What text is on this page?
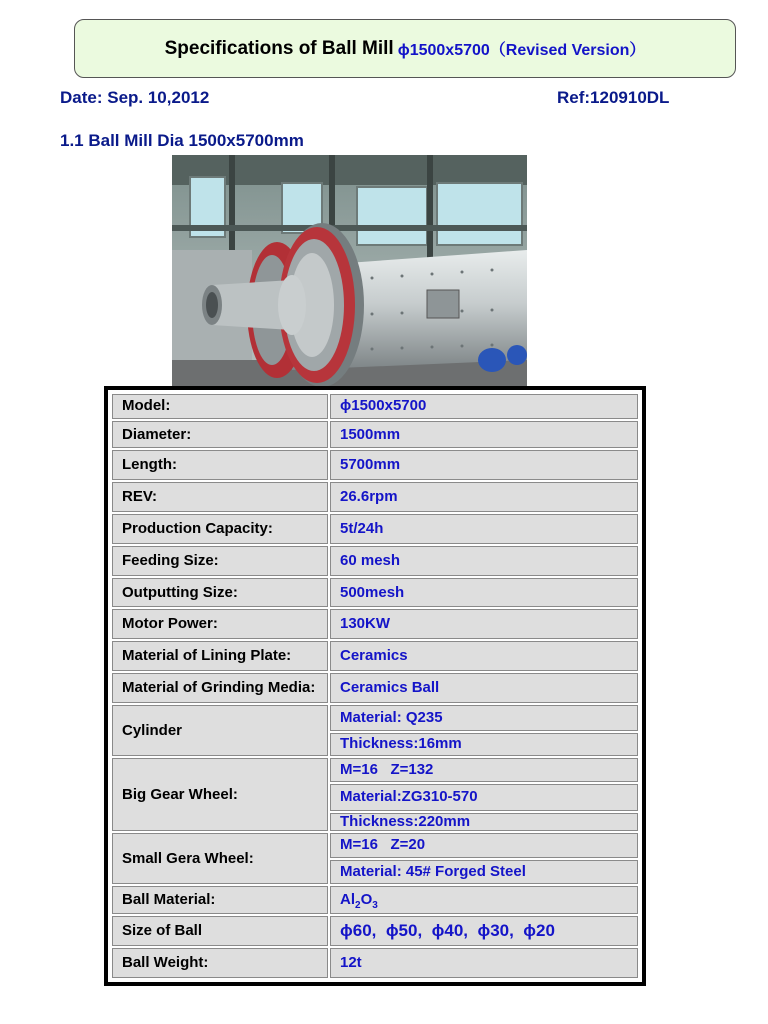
Specifications of Ball Mill ϕ1500x5700（Revised Version）
Date: Sep. 10,2012	Ref:120910DL
1.1 Ball Mill Dia 1500x5700mm
Model:	ϕ1500x5700
Diameter:	1500mm
Length:	5700mm
REV:	26.6rpm
Production Capacity:	5t/24h
Feeding Size:	60 mesh
Outputting Size:	500mesh
Motor Power:	130KW
Material of Lining Plate:	Ceramics
Material of Grinding Media:	Ceramics Ball
Cylinder	Material: Q235
	Thickness:16mm
Big Gear Wheel:	M=16   Z=132
	Material:ZG310-570
	Thickness:220mm
Small Gera Wheel:	M=16   Z=20
	Material: 45# Forged Steel
Ball Material:	$Al_2O_3$
Size of Ball	ϕ60,  ϕ50,  ϕ40,  ϕ30,  ϕ20
Ball Weight:	12t
